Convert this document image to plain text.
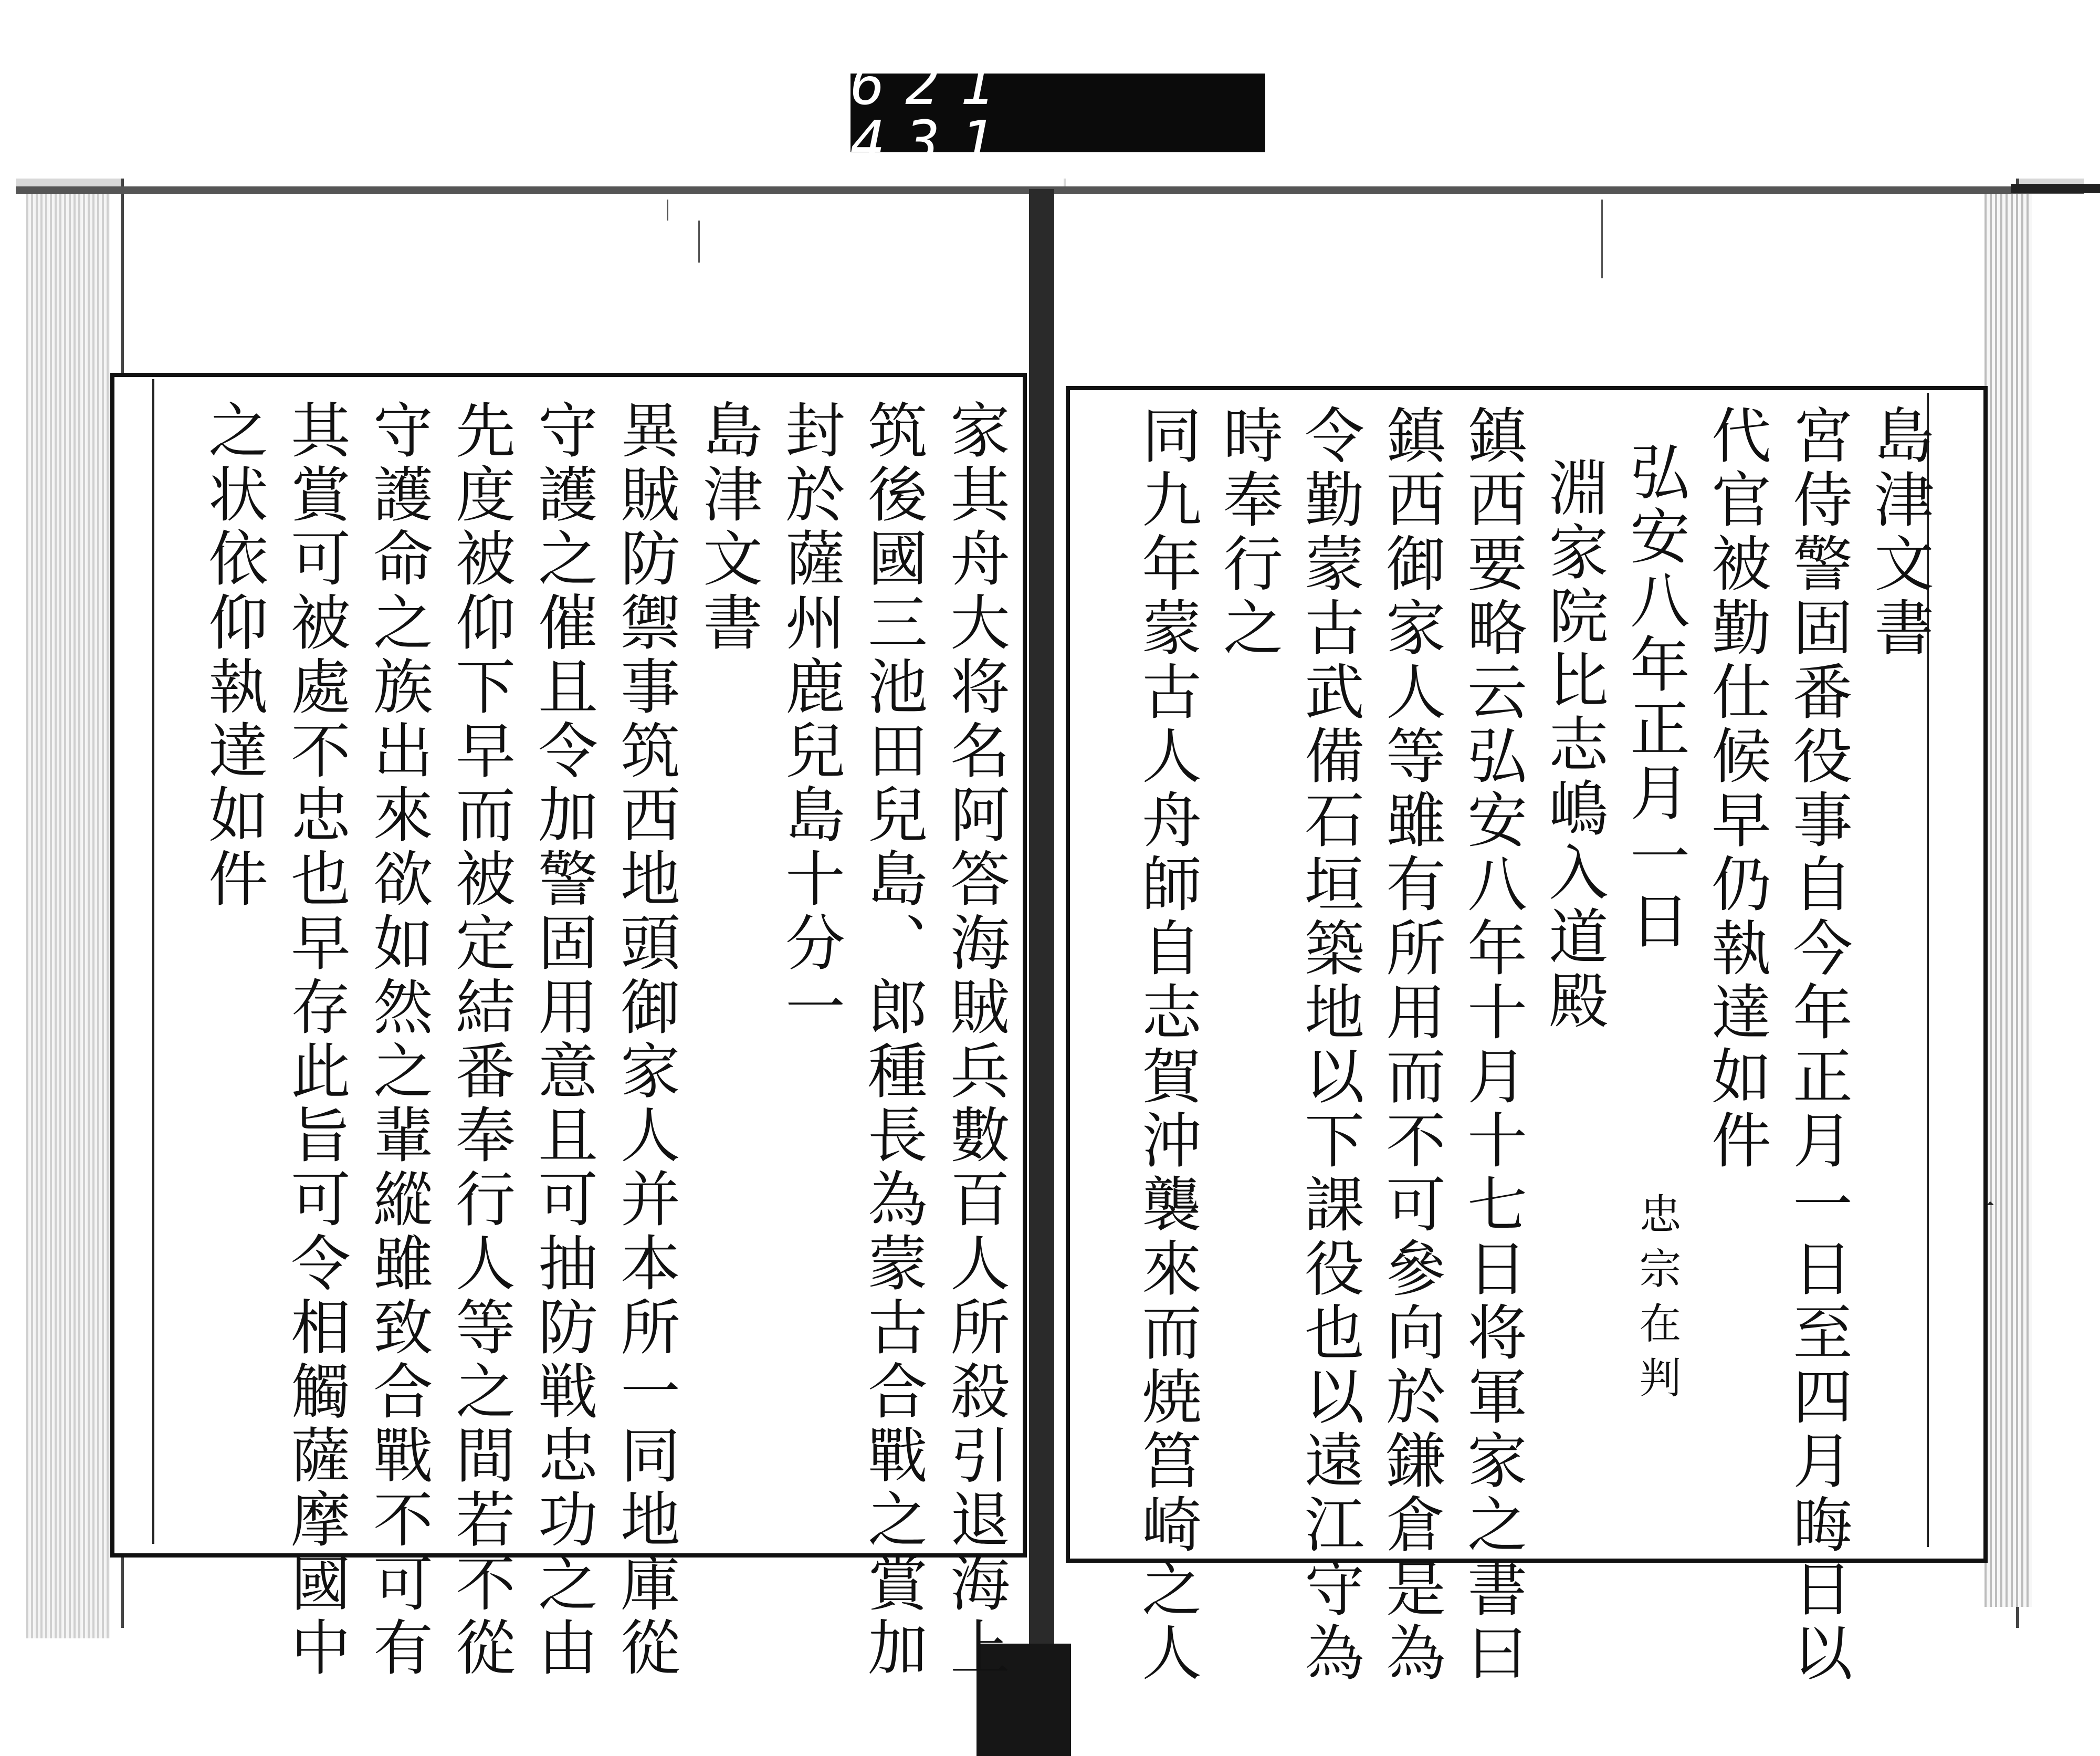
621 431.
家其舟大将名阿答海賊兵數百人所殺引退海上
筑後國三池田兒島、郎種長為蒙古合戰之賞加
封於薩州鹿兒島十分一
島津文書
異賊防禦事筑西地頭御家人并本所一同地庫從
守護之催且令加警固用意且可抽防戦忠功之由
先度被仰下早而被定結番奉行人等之間若不從
守護命之族出來欲如然之輩縱雖致合戰不可有
其賞可被處不忠也早存此旨可令相觸薩摩國中
之状依仰執達如件	島津文書
宮侍警固番役事自今年正月一日至四月晦日以
代官被勤仕候早仍執達如件
弘安八年正月一日
忠宗在判
淵家院比志嶋入道殿
鎮西要略云弘安八年十月十七日将軍家之書曰
鎮西御家人等雖有所用而不可參向於鎌倉是為
令勤蒙古武備石垣築地以下課役也以遠江守為
時奉行之
同九年蒙古人舟師自志賀沖襲來而焼筥崎之人
